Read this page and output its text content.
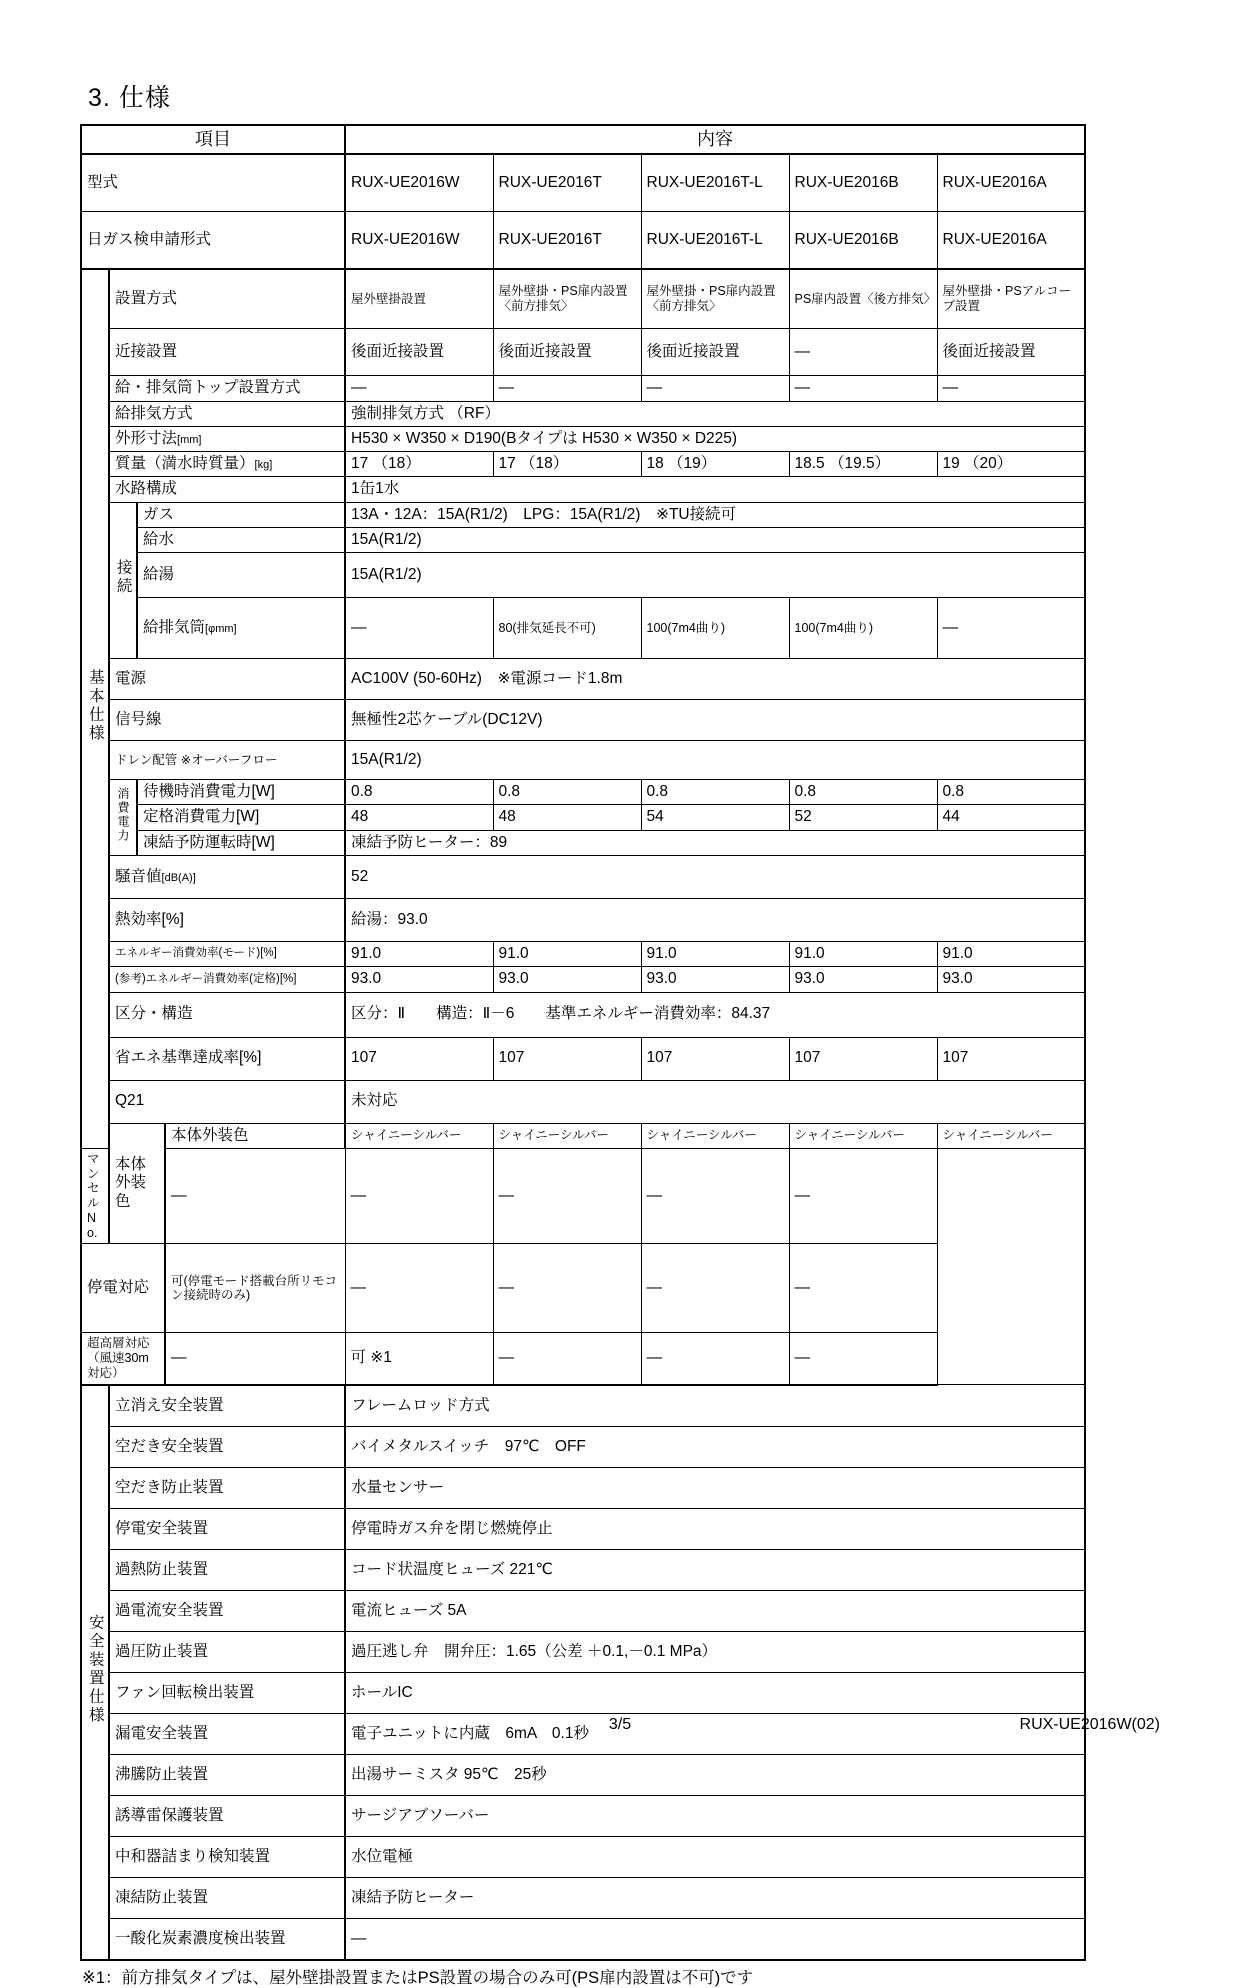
3. 仕様
項目				内容				
型式				RUX-UE2016W	RUX-UE2016T	RUX-UE2016T-L	RUX-UE2016B	RUX-UE2016A
日ガス検申請形式				RUX-UE2016W	RUX-UE2016T	RUX-UE2016T-L	RUX-UE2016B	RUX-UE2016A
基本仕様	設置方式			屋外壁掛設置	屋外壁掛・PS扉内設置〈前方排気〉	屋外壁掛・PS扉内設置〈前方排気〉	PS扉内設置〈後方排気〉	屋外壁掛・PSアルコーブ設置
	近接設置			後面近接設置	後面近接設置	後面近接設置	—	後面近接設置
	給・排気筒トップ設置方式			—	—	—	—	—
	給排気方式			強制排気方式 （RF）				
	外形寸法[mm]			H530 × W350 × D190(Bタイプは H530 × W350 × D225)				
	質量（満水時質量）[kg]			17 （18）	17 （18）	18 （19）	18.5 （19.5）	19 （20）
	水路構成			1缶1水				
	接続	ガス		13A・12A：15A(R1/2)　LPG：15A(R1/2)　※TU接続可				
		給水		15A(R1/2)				
		給湯		15A(R1/2)				
		給排気筒[φmm]		—	80(排気延長不可)	100(7m4曲り)	100(7m4曲り)	—
	電源			AC100V (50-60Hz)　※電源コード1.8m				
	信号線			無極性2芯ケーブル(DC12V)				
	ドレン配管 ※オーバーフロー			15A(R1/2)				
	消費電力	待機時消費電力[W]		0.8	0.8	0.8	0.8	0.8
		定格消費電力[W]		48	48	54	52	44
		凍結予防運転時[W]		凍結予防ヒーター：89				
	騒音値[dB(A)]			52				
	熱効率[%]			給湯：93.0				
	エネルギー消費効率(モード)[%]			91.0	91.0	91.0	91.0	91.0
	(参考)エネルギー消費効率(定格)[%]			93.0	93.0	93.0	93.0	93.0
	区分・構造			区分：Ⅱ　　構造：Ⅱ－6　　基準エネルギー消費効率：84.37				
	省エネ基準達成率[%]			107	107	107	107	107
	Q21			未対応				
	本体外装色		本体外装色	シャイニーシルバー	シャイニーシルバー	シャイニーシルバー	シャイニーシルバー	シャイニーシルバー
マンセルNo.			—	—	—	—	—	
停電対応			可(停電モード搭載台所リモコン接続時のみ)	—	—	—	—	
超高層対応（風速30m対応）			—	可 ※1	—	—	—	
安全装置仕様	立消え安全装置			フレームロッド方式				
	空だき安全装置			バイメタルスイッチ　97℃　OFF				
	空だき防止装置			水量センサー				
	停電安全装置			停電時ガス弁を閉じ燃焼停止				
	過熱防止装置			コード状温度ヒューズ 221℃				
	過電流安全装置			電流ヒューズ 5A				
	過圧防止装置			過圧逃し弁　開弁圧：1.65（公差 ＋0.1,－0.1 MPa）				
	ファン回転検出装置			ホールIC				
	漏電安全装置			電子ユニットに内蔵　6mA　0.1秒				
	沸騰防止装置			出湯サーミスタ 95℃　25秒				
	誘導雷保護装置			サージアブソーバー				
	中和器詰まり検知装置			水位電極				
	凍結防止装置			凍結予防ヒーター				
	一酸化炭素濃度検出装置			—				
※1：前方排気タイプは、屋外壁掛設置またはPS設置の場合のみ可(PS扉内設置は不可)です
3/5	RUX-UE2016W(02)
